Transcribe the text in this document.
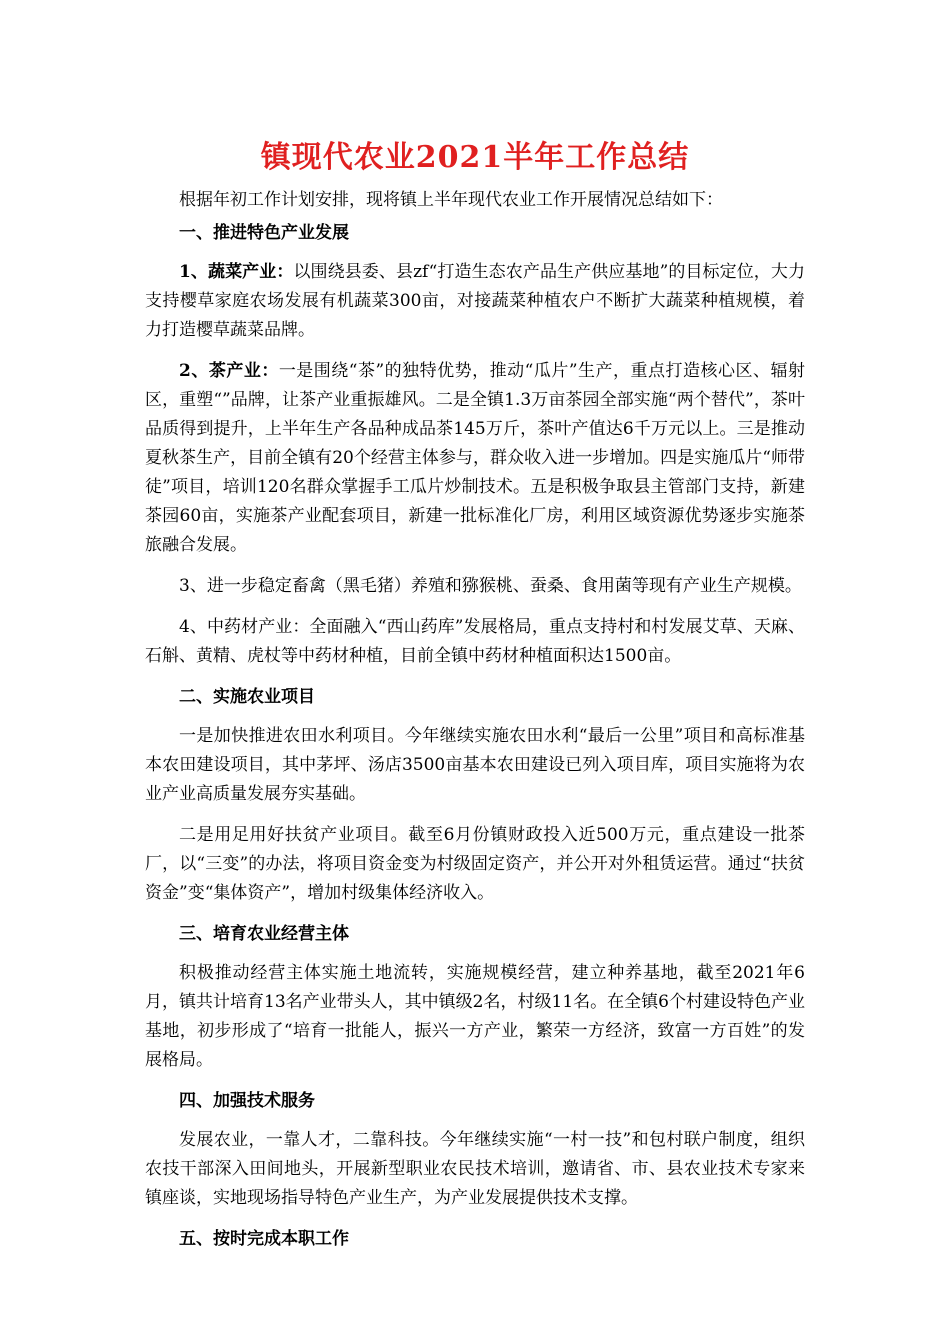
镇现代农业2021半年工作总结

根据年初工作计划安排，现将镇上半年现代农业工作开展情况总结如下：

一、推进特色产业发展

1、蔬菜产业：以围绕县委、县zf“打造生态农产品生产供应基地”的目标定位，大力支持樱草家庭农场发展有机蔬菜300亩，对接蔬菜种植农户不断扩大蔬菜种植规模，着力打造樱草蔬菜品牌。

2、茶产业：一是围绕“茶”的独特优势，推动“瓜片”生产，重点打造核心区、辐射区，重塑“”品牌，让茶产业重振雄风。二是全镇1.3万亩茶园全部实施“两个替代”，茶叶品质得到提升，上半年生产各品种成品茶145万斤，茶叶产值达6千万元以上。三是推动夏秋茶生产，目前全镇有20个经营主体参与，群众收入进一步增加。四是实施瓜片“师带徒”项目，培训120名群众掌握手工瓜片炒制技术。五是积极争取县主管部门支持，新建茶园60亩，实施茶产业配套项目，新建一批标准化厂房，利用区域资源优势逐步实施茶旅融合发展。

3、进一步稳定畜禽（黑毛猪）养殖和猕猴桃、蚕桑、食用菌等现有产业生产规模。

4、中药材产业：全面融入“西山药库”发展格局，重点支持村和村发展艾草、天麻、石斛、黄精、虎杖等中药材种植，目前全镇中药材种植面积达1500亩。

二、实施农业项目

一是加快推进农田水利项目。今年继续实施农田水利“最后一公里”项目和高标准基本农田建设项目，其中茅坪、汤店3500亩基本农田建设已列入项目库，项目实施将为农业产业高质量发展夯实基础。

二是用足用好扶贫产业项目。截至6月份镇财政投入近500万元，重点建设一批茶厂，以“三变”的办法，将项目资金变为村级固定资产，并公开对外租赁运营。通过“扶贫资金”变“集体资产”，增加村级集体经济收入。

三、培育农业经营主体

积极推动经营主体实施土地流转，实施规模经营，建立种养基地，截至2021年6月，镇共计培育13名产业带头人，其中镇级2名，村级11名。在全镇6个村建设特色产业基地，初步形成了“培育一批能人，振兴一方产业，繁荣一方经济，致富一方百姓”的发展格局。

四、加强技术服务

发展农业，一靠人才，二靠科技。今年继续实施“一村一技”和包村联户制度，组织农技干部深入田间地头，开展新型职业农民技术培训，邀请省、市、县农业技术专家来镇座谈，实地现场指导特色产业生产，为产业发展提供技术支撑。

五、按时完成本职工作
